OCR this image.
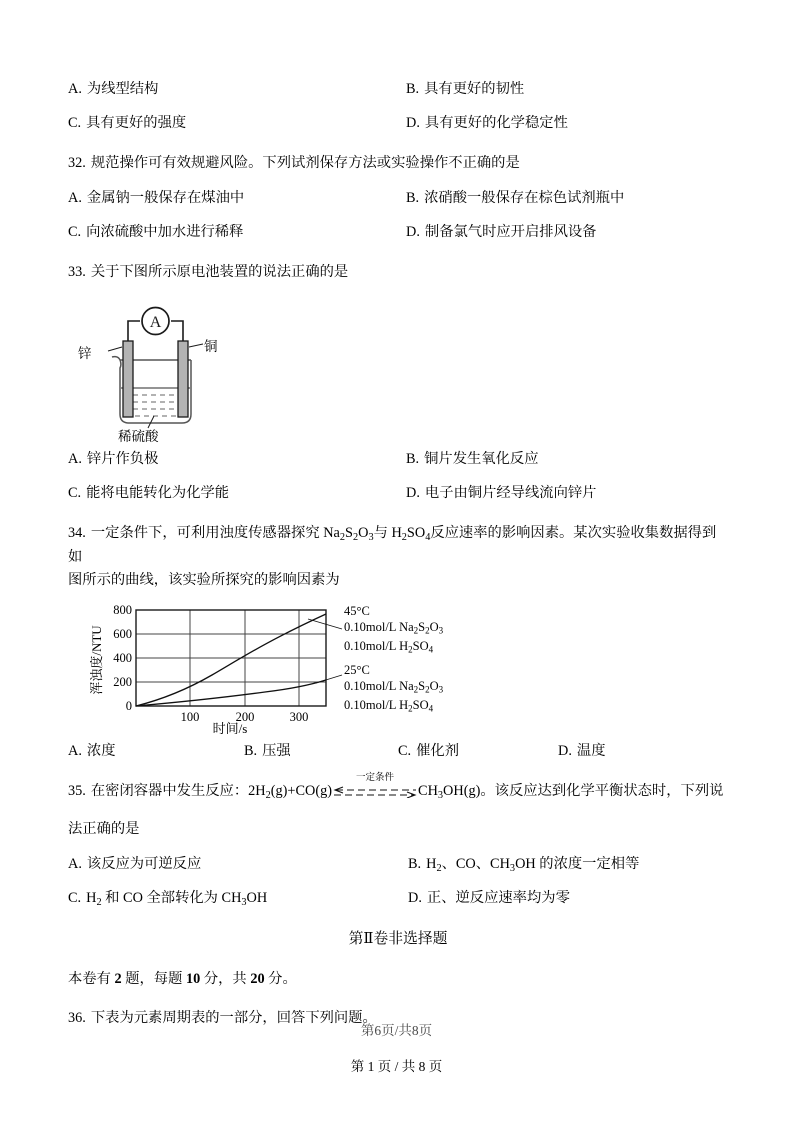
A. 为线型结构	B. 具有更好的韧性
C. 具有更好的强度	D. 具有更好的化学稳定性
32. 规范操作可有效规避风险。下列试剂保存方法或实验操作不正确的是
A. 金属钠一般保存在煤油中	B. 浓硝酸一般保存在棕色试剂瓶中
C. 向浓硫酸中加水进行稀释	D. 制备氯气时应开启排风设备
33. 关于下图所示原电池装置的说法正确的是
A
锌	铜
稀硫酸
A. 锌片作负极	B. 铜片发生氧化反应
C. 能将电能转化为化学能	D. 电子由铜片经导线流向锌片
34. 一定条件下，可利用浊度传感器探究 $Na_2S_2O_3$与 $H_2SO_4$反应速率的影响因素。某次实验收集数据得到如
图所示的曲线，该实验所探究的影响因素为
800
600
400
200
0
100	200	300
时间/s
浑浊度/NTU
45°C
0.10mol/L $Na_2S_2O_3$
0.10mol/L $H_2SO_4$
25°C
0.10mol/L $Na_2S_2O_3$
0.10mol/L $H_2SO_4$
A. 浓度	B. 压强	C. 催化剂	D. 温度
35. 在密闭容器中发生反应：$2H_2(g)+CO(g)$
一定条件
$CH_3OH(g)$。该反应达到化学平衡状态时，下列说
法正确的是
A. 该反应为可逆反应	B. $H_2$、CO、$CH_3OH$ 的浓度一定相等
C. $H_2$ 和 CO 全部转化为 $CH_3OH$	D. 正、逆反应速率均为零
第Ⅱ卷非选择题
本卷有 2 题，每题 10 分，共 20 分。
36. 下表为元素周期表的一部分，回答下列问题。
第6页/共8页
第 1 页 / 共 8 页
